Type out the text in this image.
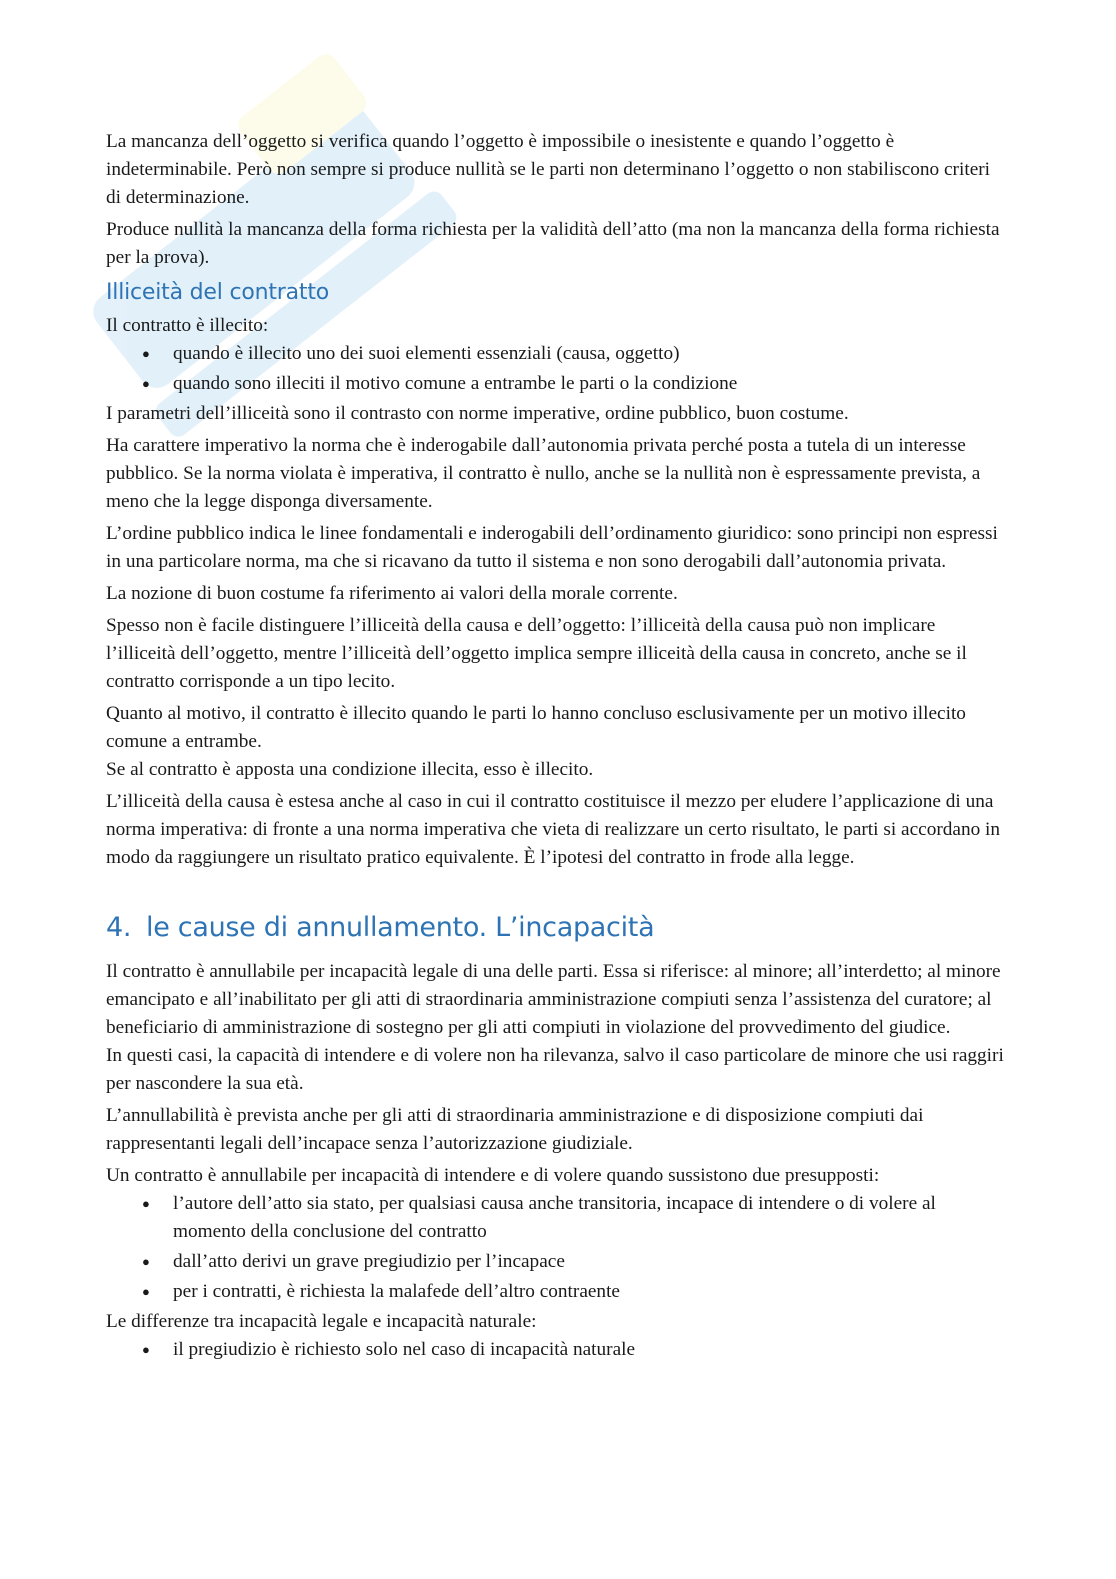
La mancanza dell’oggetto si verifica quando l’oggetto è impossibile o inesistente e quando l’oggetto è indeterminabile. Però non sempre si produce nullità se le parti non determinano l’oggetto o non stabiliscono criteri di determinazione.

Produce nullità la mancanza della forma richiesta per la validità dell’atto (ma non la mancanza della forma richiesta per la prova).

Illiceità del contratto

Il contratto è illecito:

● quando è illecito uno dei suoi elementi essenziali (causa, oggetto)
● quando sono illeciti il motivo comune a entrambe le parti o la condizione

I parametri dell’illiceità sono il contrasto con norme imperative, ordine pubblico, buon costume.

Ha carattere imperativo la norma che è inderogabile dall’autonomia privata perché posta a tutela di un interesse pubblico. Se la norma violata è imperativa, il contratto è nullo, anche se la nullità non è espressamente prevista, a meno che la legge disponga diversamente.

L’ordine pubblico indica le linee fondamentali e inderogabili dell’ordinamento giuridico: sono principi non espressi in una particolare norma, ma che si ricavano da tutto il sistema e non sono derogabili dall’autonomia privata.

La nozione di buon costume fa riferimento ai valori della morale corrente.

Spesso non è facile distinguere l’illiceità della causa e dell’oggetto: l’illiceità della causa può non implicare l’illiceità dell’oggetto, mentre l’illiceità dell’oggetto implica sempre illiceità della causa in concreto, anche se il contratto corrisponde a un tipo lecito.

Quanto al motivo, il contratto è illecito quando le parti lo hanno concluso esclusivamente per un motivo illecito comune a entrambe.

Se al contratto è apposta una condizione illecita, esso è illecito.

L’illiceità della causa è estesa anche al caso in cui il contratto costituisce il mezzo per eludere l’applicazione di una norma imperativa: di fronte a una norma imperativa che vieta di realizzare un certo risultato, le parti si accordano in modo da raggiungere un risultato pratico equivalente. È l’ipotesi del contratto in frode alla legge.

4. le cause di annullamento. L’incapacità

Il contratto è annullabile per incapacità legale di una delle parti. Essa si riferisce: al minore; all’interdetto; al minore emancipato e all’inabilitato per gli atti di straordinaria amministrazione compiuti senza l’assistenza del curatore; al beneficiario di amministrazione di sostegno per gli atti compiuti in violazione del provvedimento del giudice.

In questi casi, la capacità di intendere e di volere non ha rilevanza, salvo il caso particolare de minore che usi raggiri per nascondere la sua età.

L’annullabilità è prevista anche per gli atti di straordinaria amministrazione e di disposizione compiuti dai rappresentanti legali dell’incapace senza l’autorizzazione giudiziale.

Un contratto è annullabile per incapacità di intendere e di volere quando sussistono due presupposti:

● l’autore dell’atto sia stato, per qualsiasi causa anche transitoria, incapace di intendere o di volere al momento della conclusione del contratto
● dall’atto derivi un grave pregiudizio per l’incapace
● per i contratti, è richiesta la malafede dell’altro contraente

Le differenze tra incapacità legale e incapacità naturale:

● il pregiudizio è richiesto solo nel caso di incapacità naturale
